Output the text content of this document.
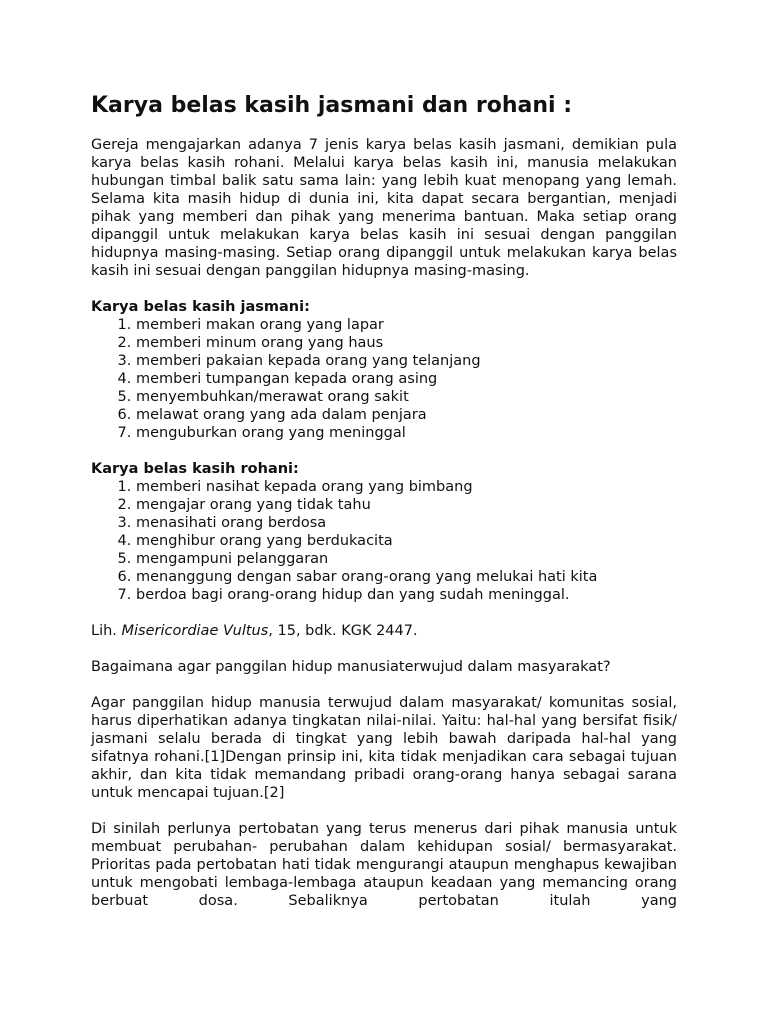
Karya belas kasih jasmani dan rohani :

Gereja mengajarkan adanya 7 jenis karya belas kasih jasmani, demikian pula karya belas kasih rohani. Melalui karya belas kasih ini, manusia melakukan hubungan timbal balik satu sama lain: yang lebih kuat menopang yang lemah. Selama kita masih hidup di dunia ini, kita dapat secara bergantian, menjadi pihak yang memberi dan pihak yang menerima bantuan. Maka setiap orang dipanggil untuk melakukan karya belas kasih ini sesuai dengan panggilan hidupnya masing-masing. Setiap orang dipanggil untuk melakukan karya belas kasih ini sesuai dengan panggilan hidupnya masing-masing.

Karya belas kasih jasmani:

1. memberi makan orang yang lapar
2. memberi minum orang yang haus
3. memberi pakaian kepada orang yang telanjang
4. memberi tumpangan kepada orang asing
5. menyembuhkan/merawat orang sakit
6. melawat orang yang ada dalam penjara
7. menguburkan orang yang meninggal

Karya belas kasih rohani:

1. memberi nasihat kepada orang yang bimbang
2. mengajar orang yang tidak tahu
3. menasihati orang berdosa
4. menghibur orang yang berdukacita
5. mengampuni pelanggaran
6. menanggung dengan sabar orang-orang yang melukai hati kita
7. berdoa bagi orang-orang hidup dan yang sudah meninggal.

Lih. Misericordiae Vultus, 15, bdk. KGK 2447.

Bagaimana agar panggilan hidup manusiaterwujud dalam masyarakat?

Agar panggilan hidup manusia terwujud dalam masyarakat/ komunitas sosial, harus diperhatikan adanya tingkatan nilai-nilai. Yaitu: hal-hal yang bersifat fisik/ jasmani selalu berada di tingkat yang lebih bawah daripada hal-hal yang sifatnya rohani.[1]Dengan prinsip ini, kita tidak menjadikan cara sebagai tujuan akhir, dan kita tidak memandang pribadi orang-orang hanya sebagai sarana untuk mencapai tujuan.[2]

Di sinilah perlunya pertobatan yang terus menerus dari pihak manusia untuk membuat perubahan- perubahan dalam kehidupan sosial/ bermasyarakat. Prioritas pada pertobatan hati tidak mengurangi ataupun menghapus kewajiban untuk mengobati lembaga-lembaga ataupun keadaan yang memancing orang berbuat dosa. Sebaliknya pertobatan itulah yang
